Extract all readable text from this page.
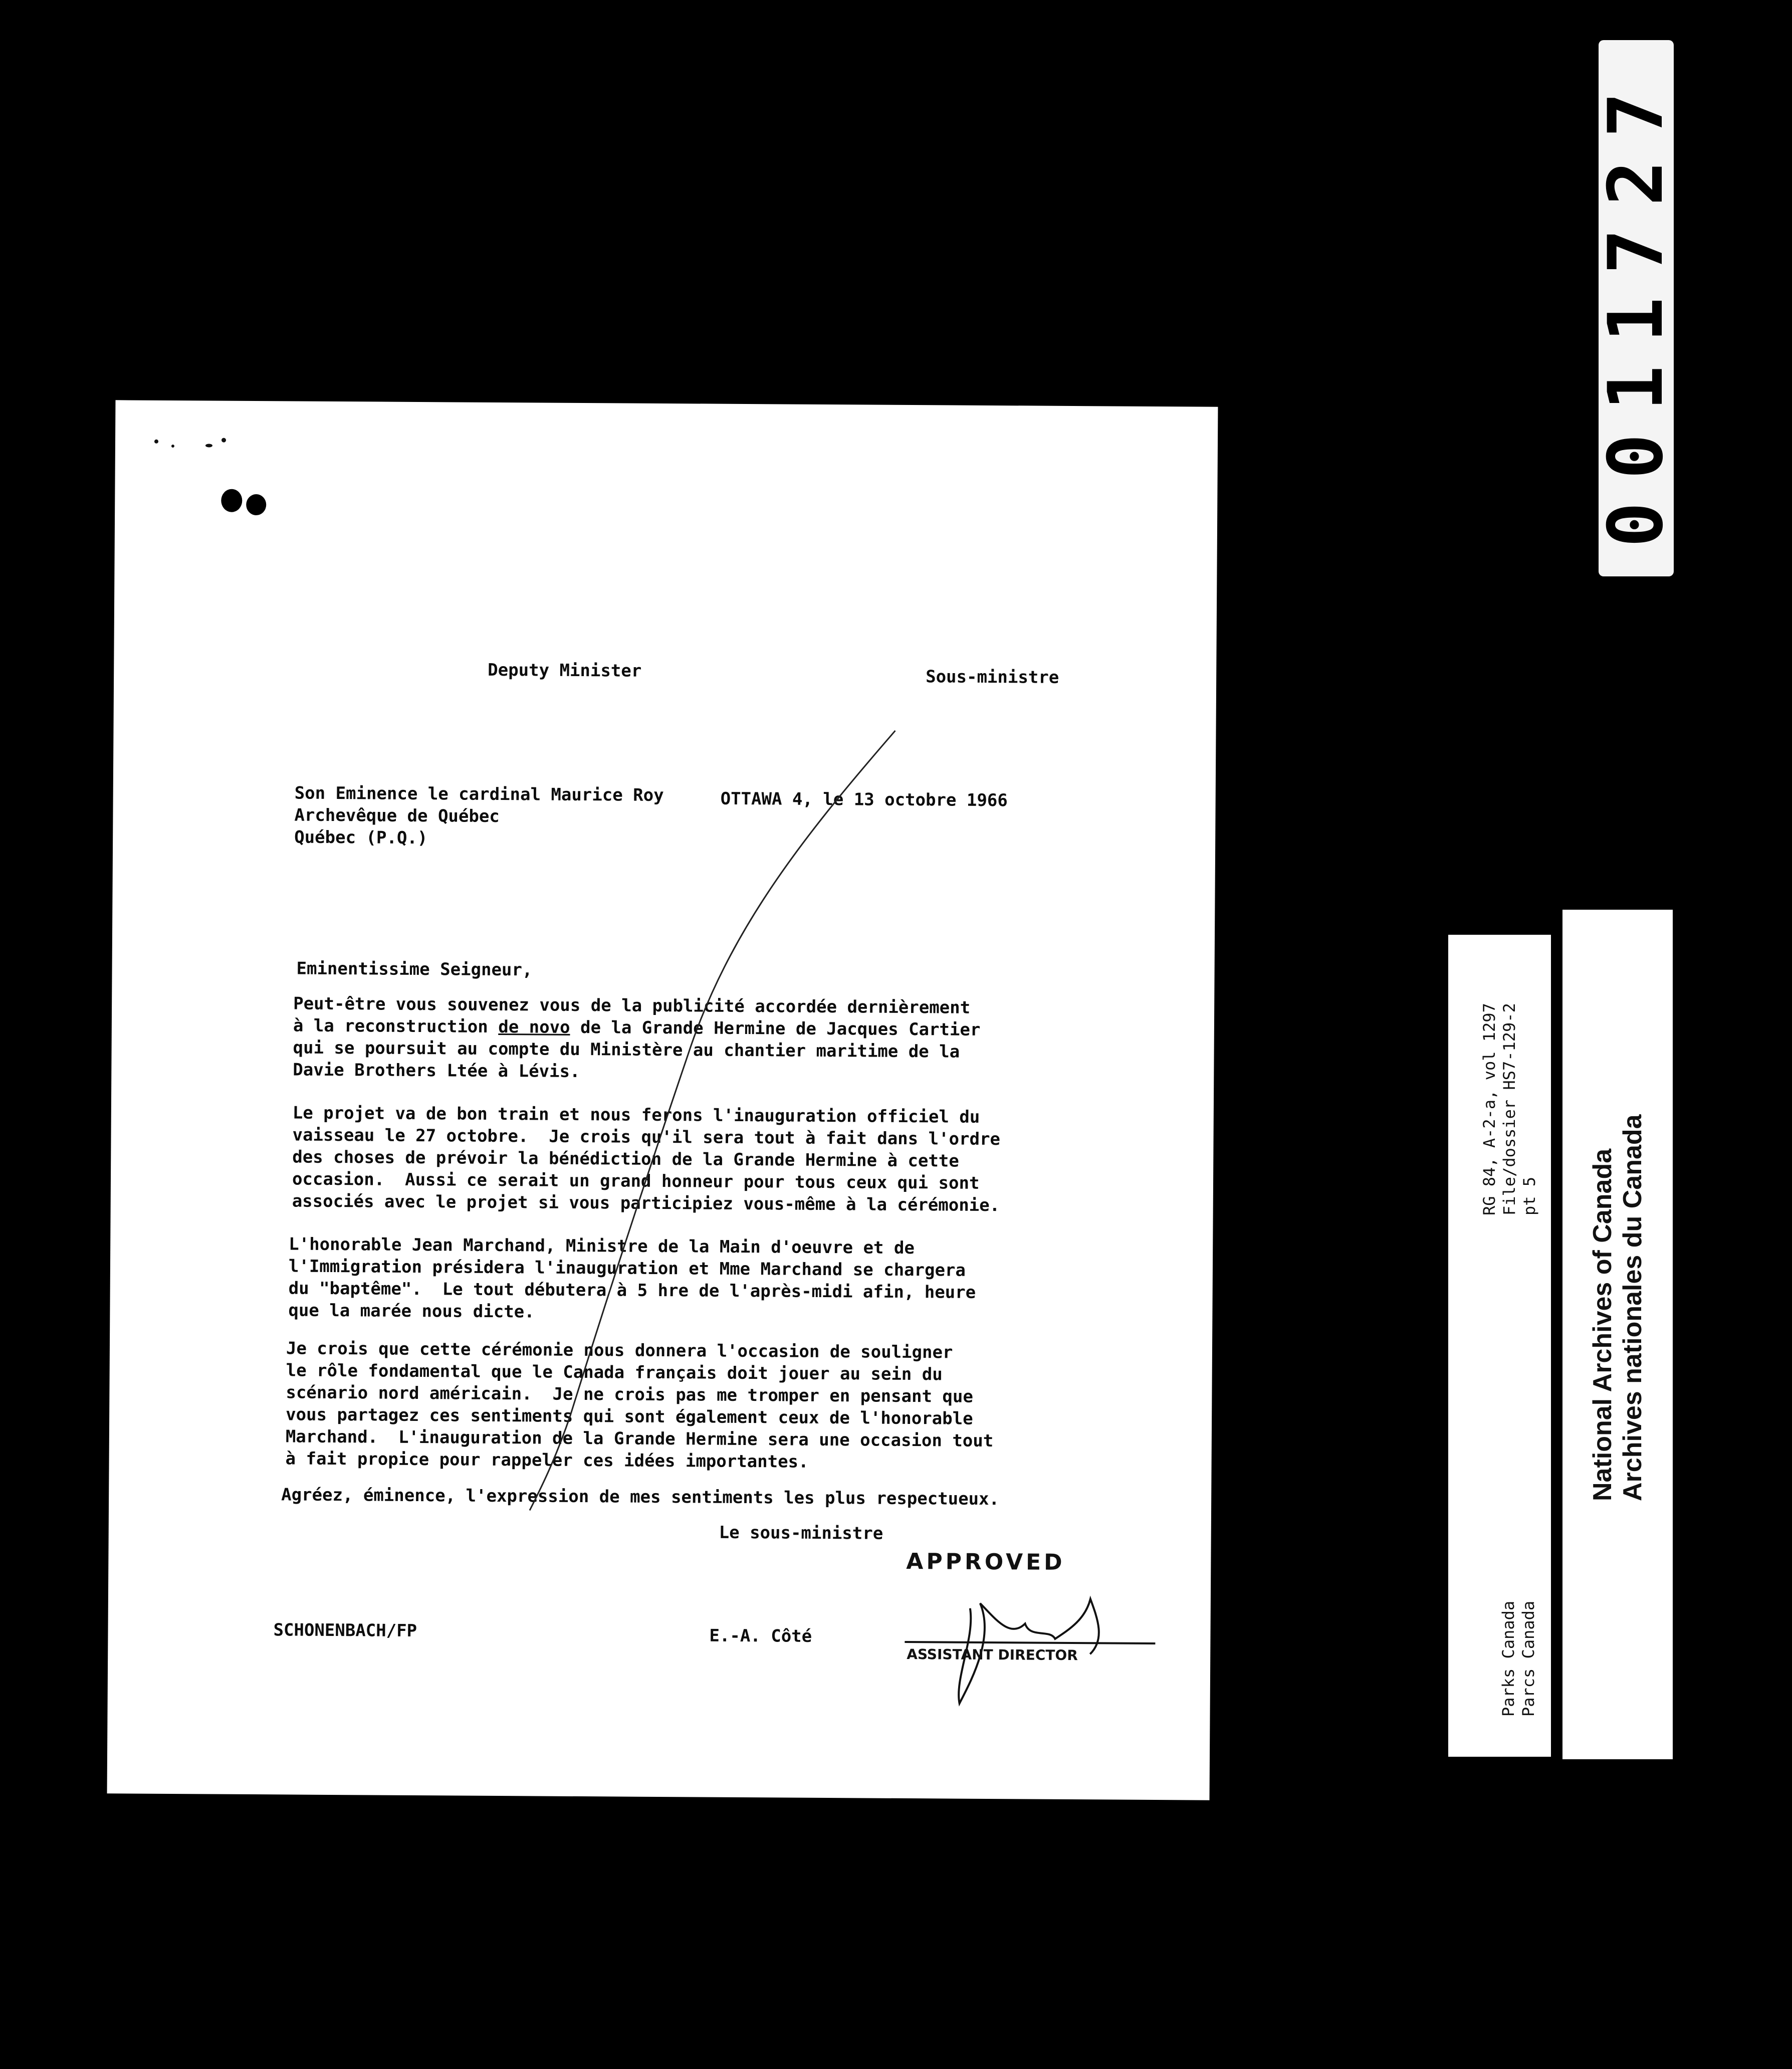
0011727
Deputy Minister	Sous-ministre
Son Eminence le cardinal Maurice Roy
Archevêque de Québec
Québec (P.Q.)
OTTAWA 4, le 13 octobre 1966
Eminentissime Seigneur,
Peut-être vous souvenez vous de la publicité accordée dernièrement
à la reconstruction de novo de la Grande Hermine de Jacques Cartier
qui se poursuit au compte du Ministère au chantier maritime de la
Davie Brothers Ltée à Lévis.
Le projet va de bon train et nous ferons l'inauguration officiel du
vaisseau le 27 octobre.  Je crois qu'il sera tout à fait dans l'ordre
des choses de prévoir la bénédiction de la Grande Hermine à cette
occasion.  Aussi ce serait un grand honneur pour tous ceux qui sont
associés avec le projet si vous participiez vous-même à la cérémonie.
L'honorable Jean Marchand, Ministre de la Main d'oeuvre et de
l'Immigration présidera l'inauguration et Mme Marchand se chargera
du "baptême".  Le tout débutera à 5 hre de l'après-midi afin, heure
que la marée nous dicte.
Je crois que cette cérémonie nous donnera l'occasion de souligner
le rôle fondamental que le Canada français doit jouer au sein du
scénario nord américain.  Je ne crois pas me tromper en pensant que
vous partagez ces sentiments qui sont également ceux de l'honorable
Marchand.  L'inauguration de la Grande Hermine sera une occasion tout
à fait propice pour rappeler ces idées importantes.
Agréez, éminence, l'expression de mes sentiments les plus respectueux.
Le sous-ministre
SCHONENBACH/FP	E.-A. Côté
APPROVED
ASSISTANT DIRECTOR
RG 84, A-2-a, vol 1297 File/dossier HS7-129-2 pt 5
Parks Canada Parcs Canada
National Archives of Canada Archives nationales du Canada
